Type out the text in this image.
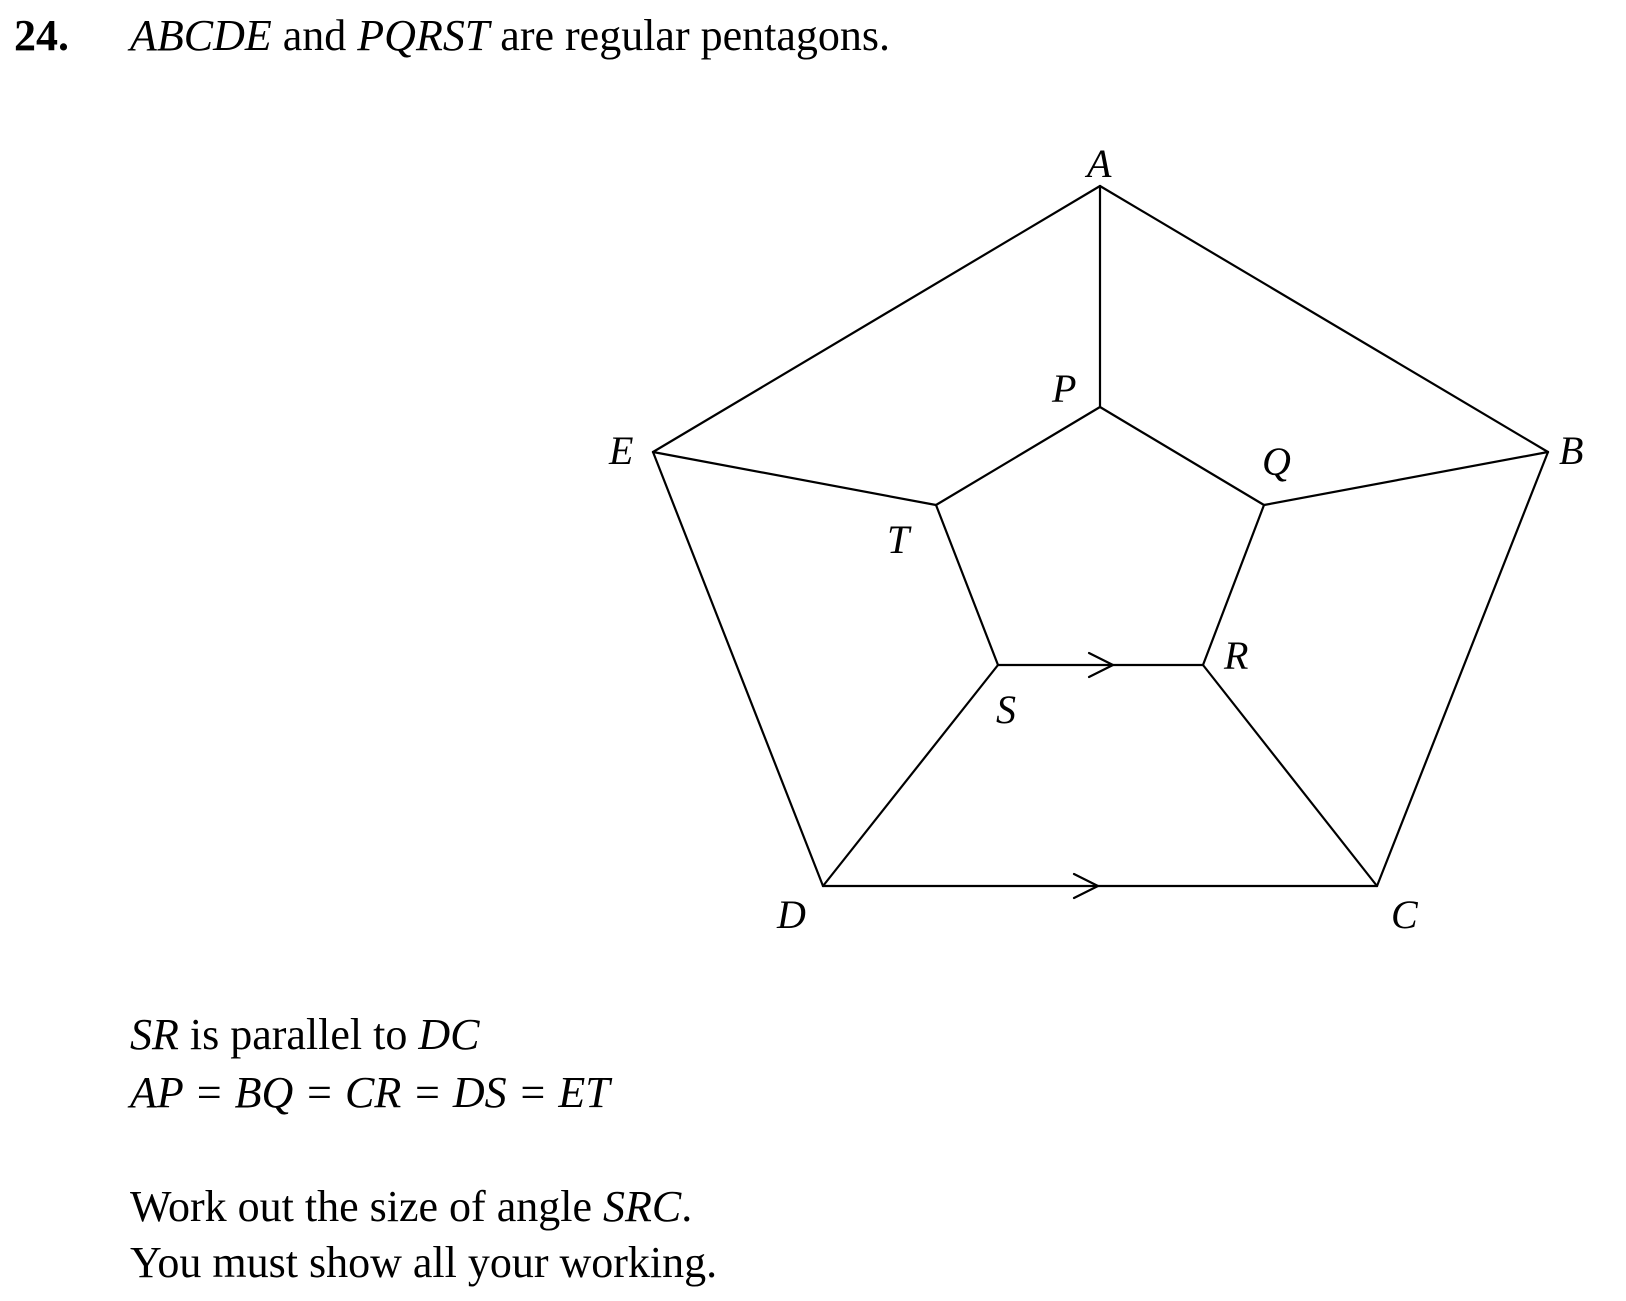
24. ABCDE and PQRST are regular pentagons.
A
B
C
D
E
P
Q
R
S
T
SR is parallel to DC
AP = BQ = CR = DS = ET
Work out the size of angle SRC.
You must show all your working.
